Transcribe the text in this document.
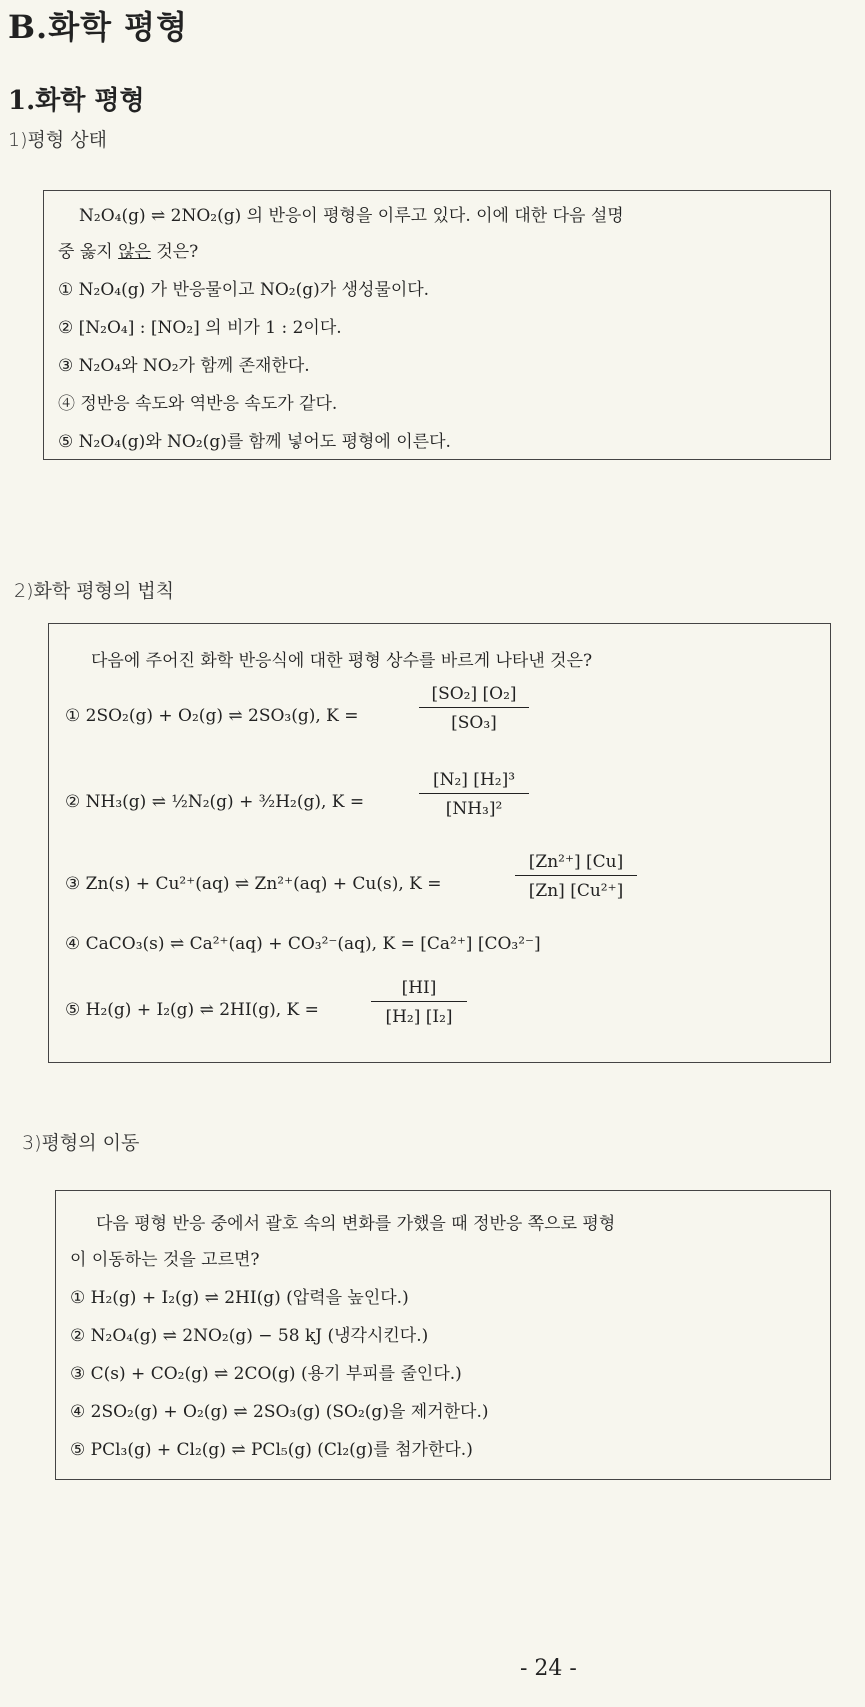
B.화학 평형
1.화학 평형
1)평형 상태
N₂O₄(g) ⇌ 2NO₂(g) 의 반응이 평형을 이루고 있다. 이에 대한 다음 설명
중 옳지 않은 것은?
① N₂O₄(g) 가 반응물이고 NO₂(g)가 생성물이다.
② [N₂O₄] : [NO₂] 의 비가 1 : 2이다.
③ N₂O₄와 NO₂가 함께 존재한다.
④ 정반응 속도와 역반응 속도가 같다.
⑤ N₂O₄(g)와 NO₂(g)를 함께 넣어도 평형에 이른다.
2)화학 평형의 법칙
다음에 주어진 화학 반응식에 대한 평형 상수를 바르게 나타낸 것은?
① 2SO₂(g) + O₂(g) ⇌ 2SO₃(g), K =	$\frac{\text{[SO₂] [O₂]}}{\text{[SO₃]}}$
② NH₃(g) ⇌ ½N₂(g) + ³⁄₂H₂(g), K =	$\frac{\text{[N₂] [H₂]³}}{\text{[NH₃]²}}$
③ Zn(s) + Cu²⁺(aq) ⇌ Zn²⁺(aq) + Cu(s), K =	$\frac{\text{[Zn²⁺] [Cu]}}{\text{[Zn] [Cu²⁺]}}$
④ CaCO₃(s) ⇌ Ca²⁺(aq) + CO₃²⁻(aq), K = [Ca²⁺] [CO₃²⁻]
⑤ H₂(g) + I₂(g) ⇌ 2HI(g), K =	$\frac{[HI]}{\text{[H₂] [I₂]}}$
3)평형의 이동
다음 평형 반응 중에서 괄호 속의 변화를 가했을 때 정반응 쪽으로 평형
이 이동하는 것을 고르면?
① H₂(g) + I₂(g) ⇌ 2HI(g) (압력을 높인다.)
② N₂O₄(g) ⇌ 2NO₂(g) − 58 kJ (냉각시킨다.)
③ C(s) + CO₂(g) ⇌ 2CO(g) (용기 부피를 줄인다.)
④ 2SO₂(g) + O₂(g) ⇌ 2SO₃(g) (SO₂(g)을 제거한다.)
⑤ PCl₃(g) + Cl₂(g) ⇌ PCl₅(g) (Cl₂(g)를 첨가한다.)
- 24 -
